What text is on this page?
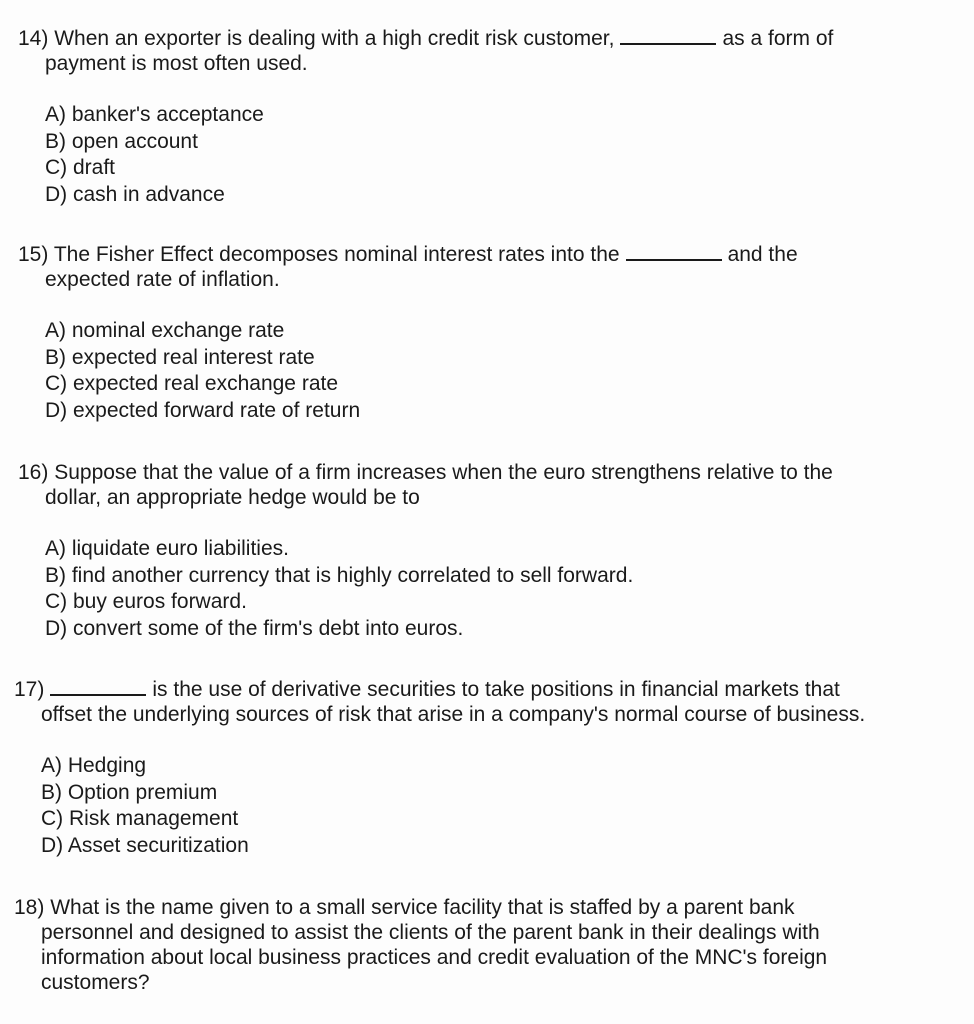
14) When an exporter is dealing with a high credit risk customer,	as a form of
payment is most often used.
A) banker's acceptance
B) open account
C) draft
D) cash in advance
15) The Fisher Effect decomposes nominal interest rates into the	and the
expected rate of inflation.
A) nominal exchange rate
B) expected real interest rate
C) expected real exchange rate
D) expected forward rate of return
16) Suppose that the value of a firm increases when the euro strengthens relative to the
dollar, an appropriate hedge would be to
A) liquidate euro liabilities.
B) find another currency that is highly correlated to sell forward.
C) buy euros forward.
D) convert some of the firm's debt into euros.
17)	is the use of derivative securities to take positions in financial markets that
offset the underlying sources of risk that arise in a company's normal course of business.
A) Hedging
B) Option premium
C) Risk management
D) Asset securitization
18) What is the name given to a small service facility that is staffed by a parent bank
personnel and designed to assist the clients of the parent bank in their dealings with
information about local business practices and credit evaluation of the MNC's foreign
customers?
